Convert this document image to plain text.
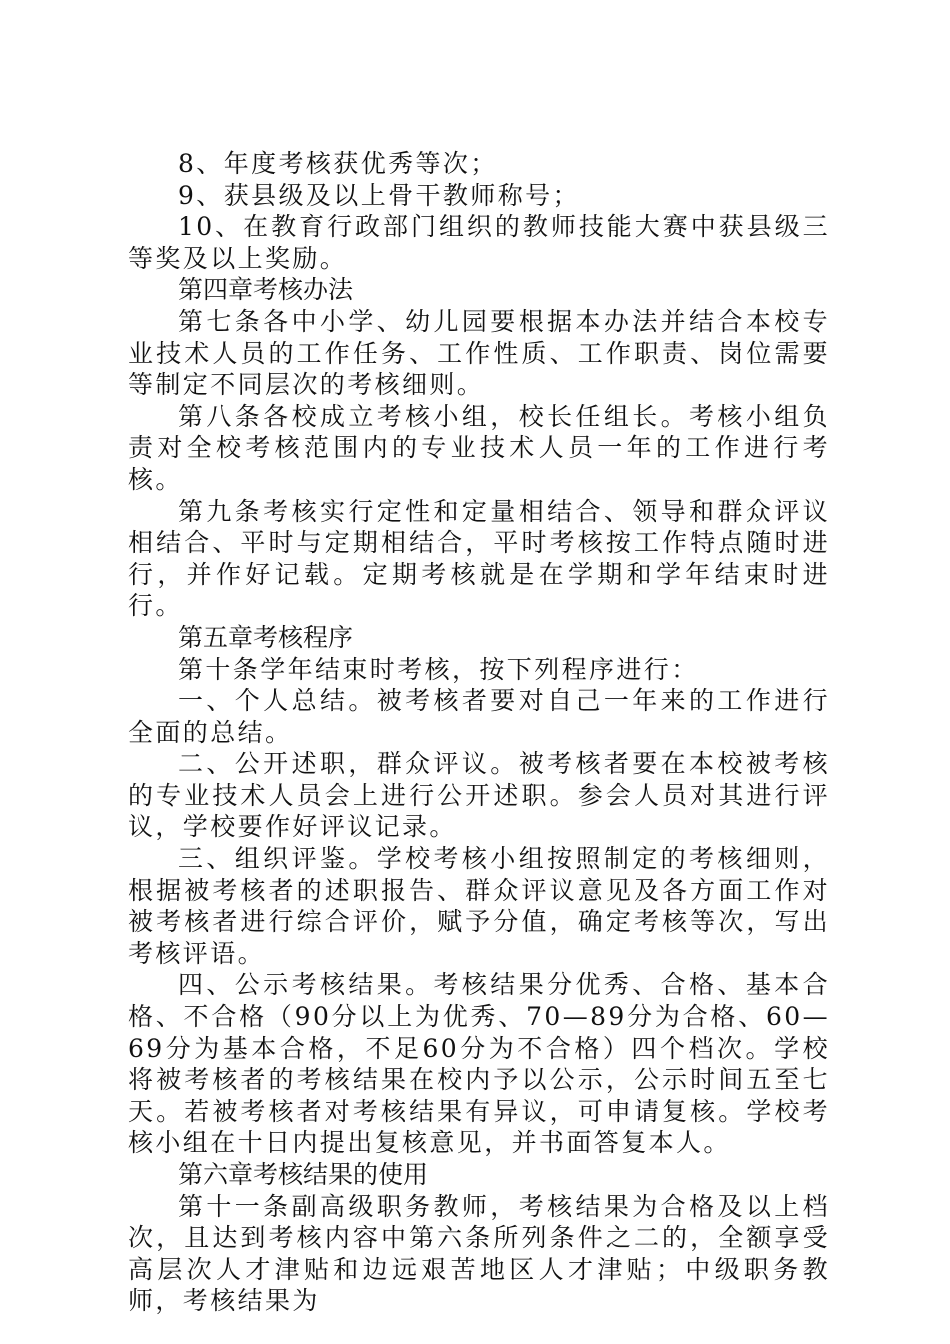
8、年度考核获优秀等次；

9、获县级及以上骨干教师称号；

10、在教育行政部门组织的教师技能大赛中获县级三等奖及以上奖励。

第四章考核办法

第七条各中小学、幼儿园要根据本办法并结合本校专业技术人员的工作任务、工作性质、工作职责、岗位需要等制定不同层次的考核细则。

第八条各校成立考核小组，校长任组长。考核小组负责对全校考核范围内的专业技术人员一年的工作进行考核。

第九条考核实行定性和定量相结合、领导和群众评议相结合、平时与定期相结合，平时考核按工作特点随时进行，并作好记载。定期考核就是在学期和学年结束时进行。

第五章考核程序

第十条学年结束时考核，按下列程序进行：

一、个人总结。被考核者要对自己一年来的工作进行全面的总结。

二、公开述职，群众评议。被考核者要在本校被考核的专业技术人员会上进行公开述职。参会人员对其进行评议，学校要作好评议记录。

三、组织评鉴。学校考核小组按照制定的考核细则，根据被考核者的述职报告、群众评议意见及各方面工作对被考核者进行综合评价，赋予分值，确定考核等次，写出考核评语。

四、公示考核结果。考核结果分优秀、合格、基本合格、不合格（90分以上为优秀、70—89分为合格、60—69分为基本合格，不足60分为不合格）四个档次。学校将被考核者的考核结果在校内予以公示，公示时间五至七天。若被考核者对考核结果有异议，可申请复核。学校考核小组在十日内提出复核意见，并书面答复本人。

第六章考核结果的使用

第十一条副高级职务教师，考核结果为合格及以上档次，且达到考核内容中第六条所列条件之二的，全额享受高层次人才津贴和边远艰苦地区人才津贴；中级职务教师，考核结果为
